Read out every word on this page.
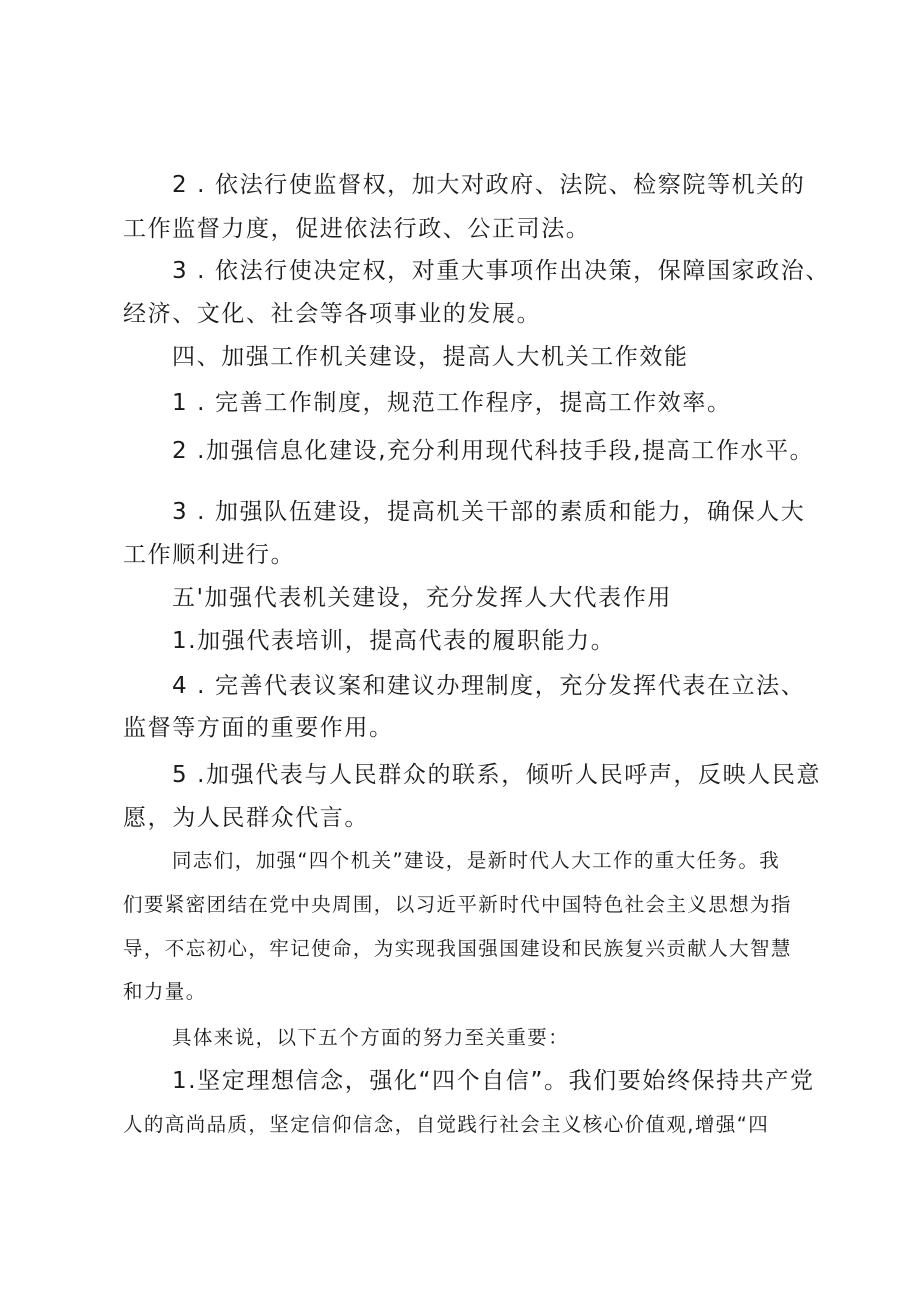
2 . 依法行使监督权，加大对政府、法院、检察院等机关的
工作监督力度，促进依法行政、公正司法。
3 . 依法行使决定权，对重大事项作出决策，保障国家政治、
经济、文化、社会等各项事业的发展。
四、加强工作机关建设，提高人大机关工作效能
1 . 完善工作制度，规范工作程序，提高工作效率。
2 .加强信息化建设,充分利用现代科技手段,提高工作水平。
3 . 加强队伍建设，提高机关干部的素质和能力，确保人大
工作顺利进行。
五'加强代表机关建设，充分发挥人大代表作用
1.加强代表培训，提高代表的履职能力。
4 . 完善代表议案和建议办理制度，充分发挥代表在立法、
监督等方面的重要作用。
5 .加强代表与人民群众的联系，倾听人民呼声，反映人民意
愿，为人民群众代言。
同志们，加强“四个机关”建设，是新时代人大工作的重大任务。我
们要紧密团结在党中央周围，以习近平新时代中国特色社会主义思想为指
导，不忘初心，牢记使命，为实现我国强国建设和民族复兴贡献人大智慧
和力量。
具体来说，以下五个方面的努力至关重要：
1.坚定理想信念，强化“四个自信”。我们要始终保持共产党
人的高尚品质，坚定信仰信念，自觉践行社会主义核心价值观,增强“四
